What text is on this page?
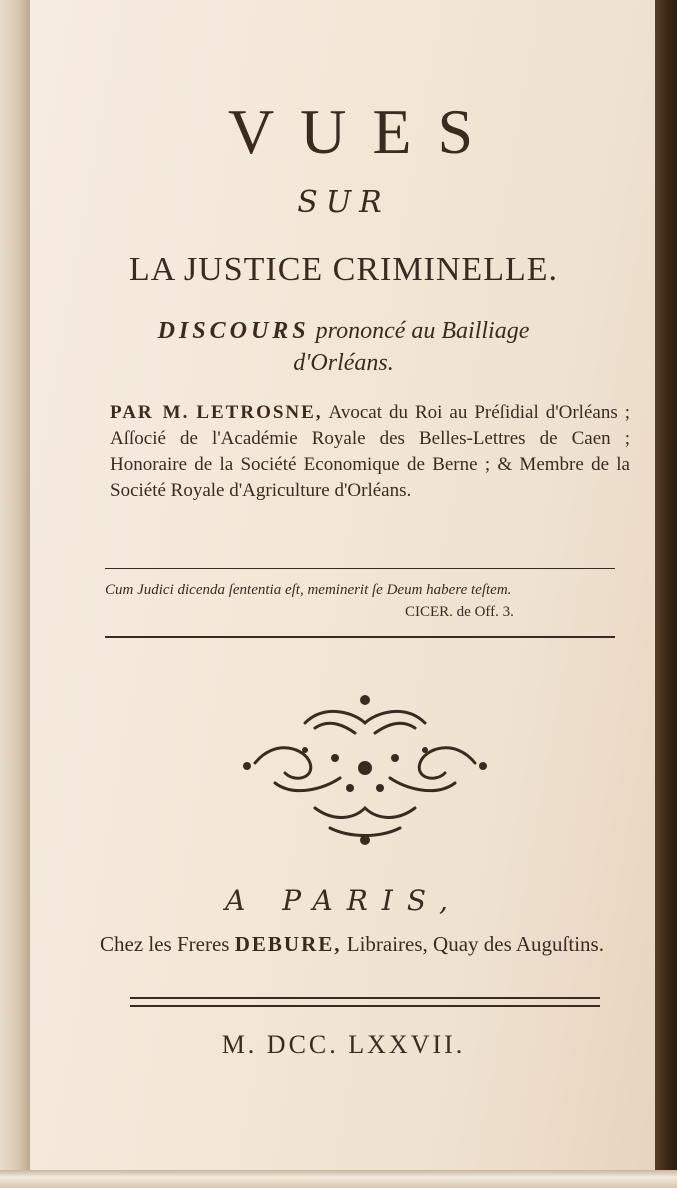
VUES
SUR
LA JUSTICE CRIMINELLE.
DISCOURS prononcé au Bailliage
d'Orléans.
PAR M. LETROSNE, Avocat du Roi au Préſidial d'Orléans ; Aſſocié de l'Académie Royale des Belles-Lettres de Caen ; Honoraire de la Société Economique de Berne ; & Membre de la Société Royale d'Agriculture d'Orléans.
Cum Judici dicenda ſententia eſt, meminerit ſe Deum habere teſtem.
CICER. de Off. 3.
A PARIS,
Chez les Freres DEBURE, Libraires, Quay des Auguſtins.
M. DCC. LXXVII.
